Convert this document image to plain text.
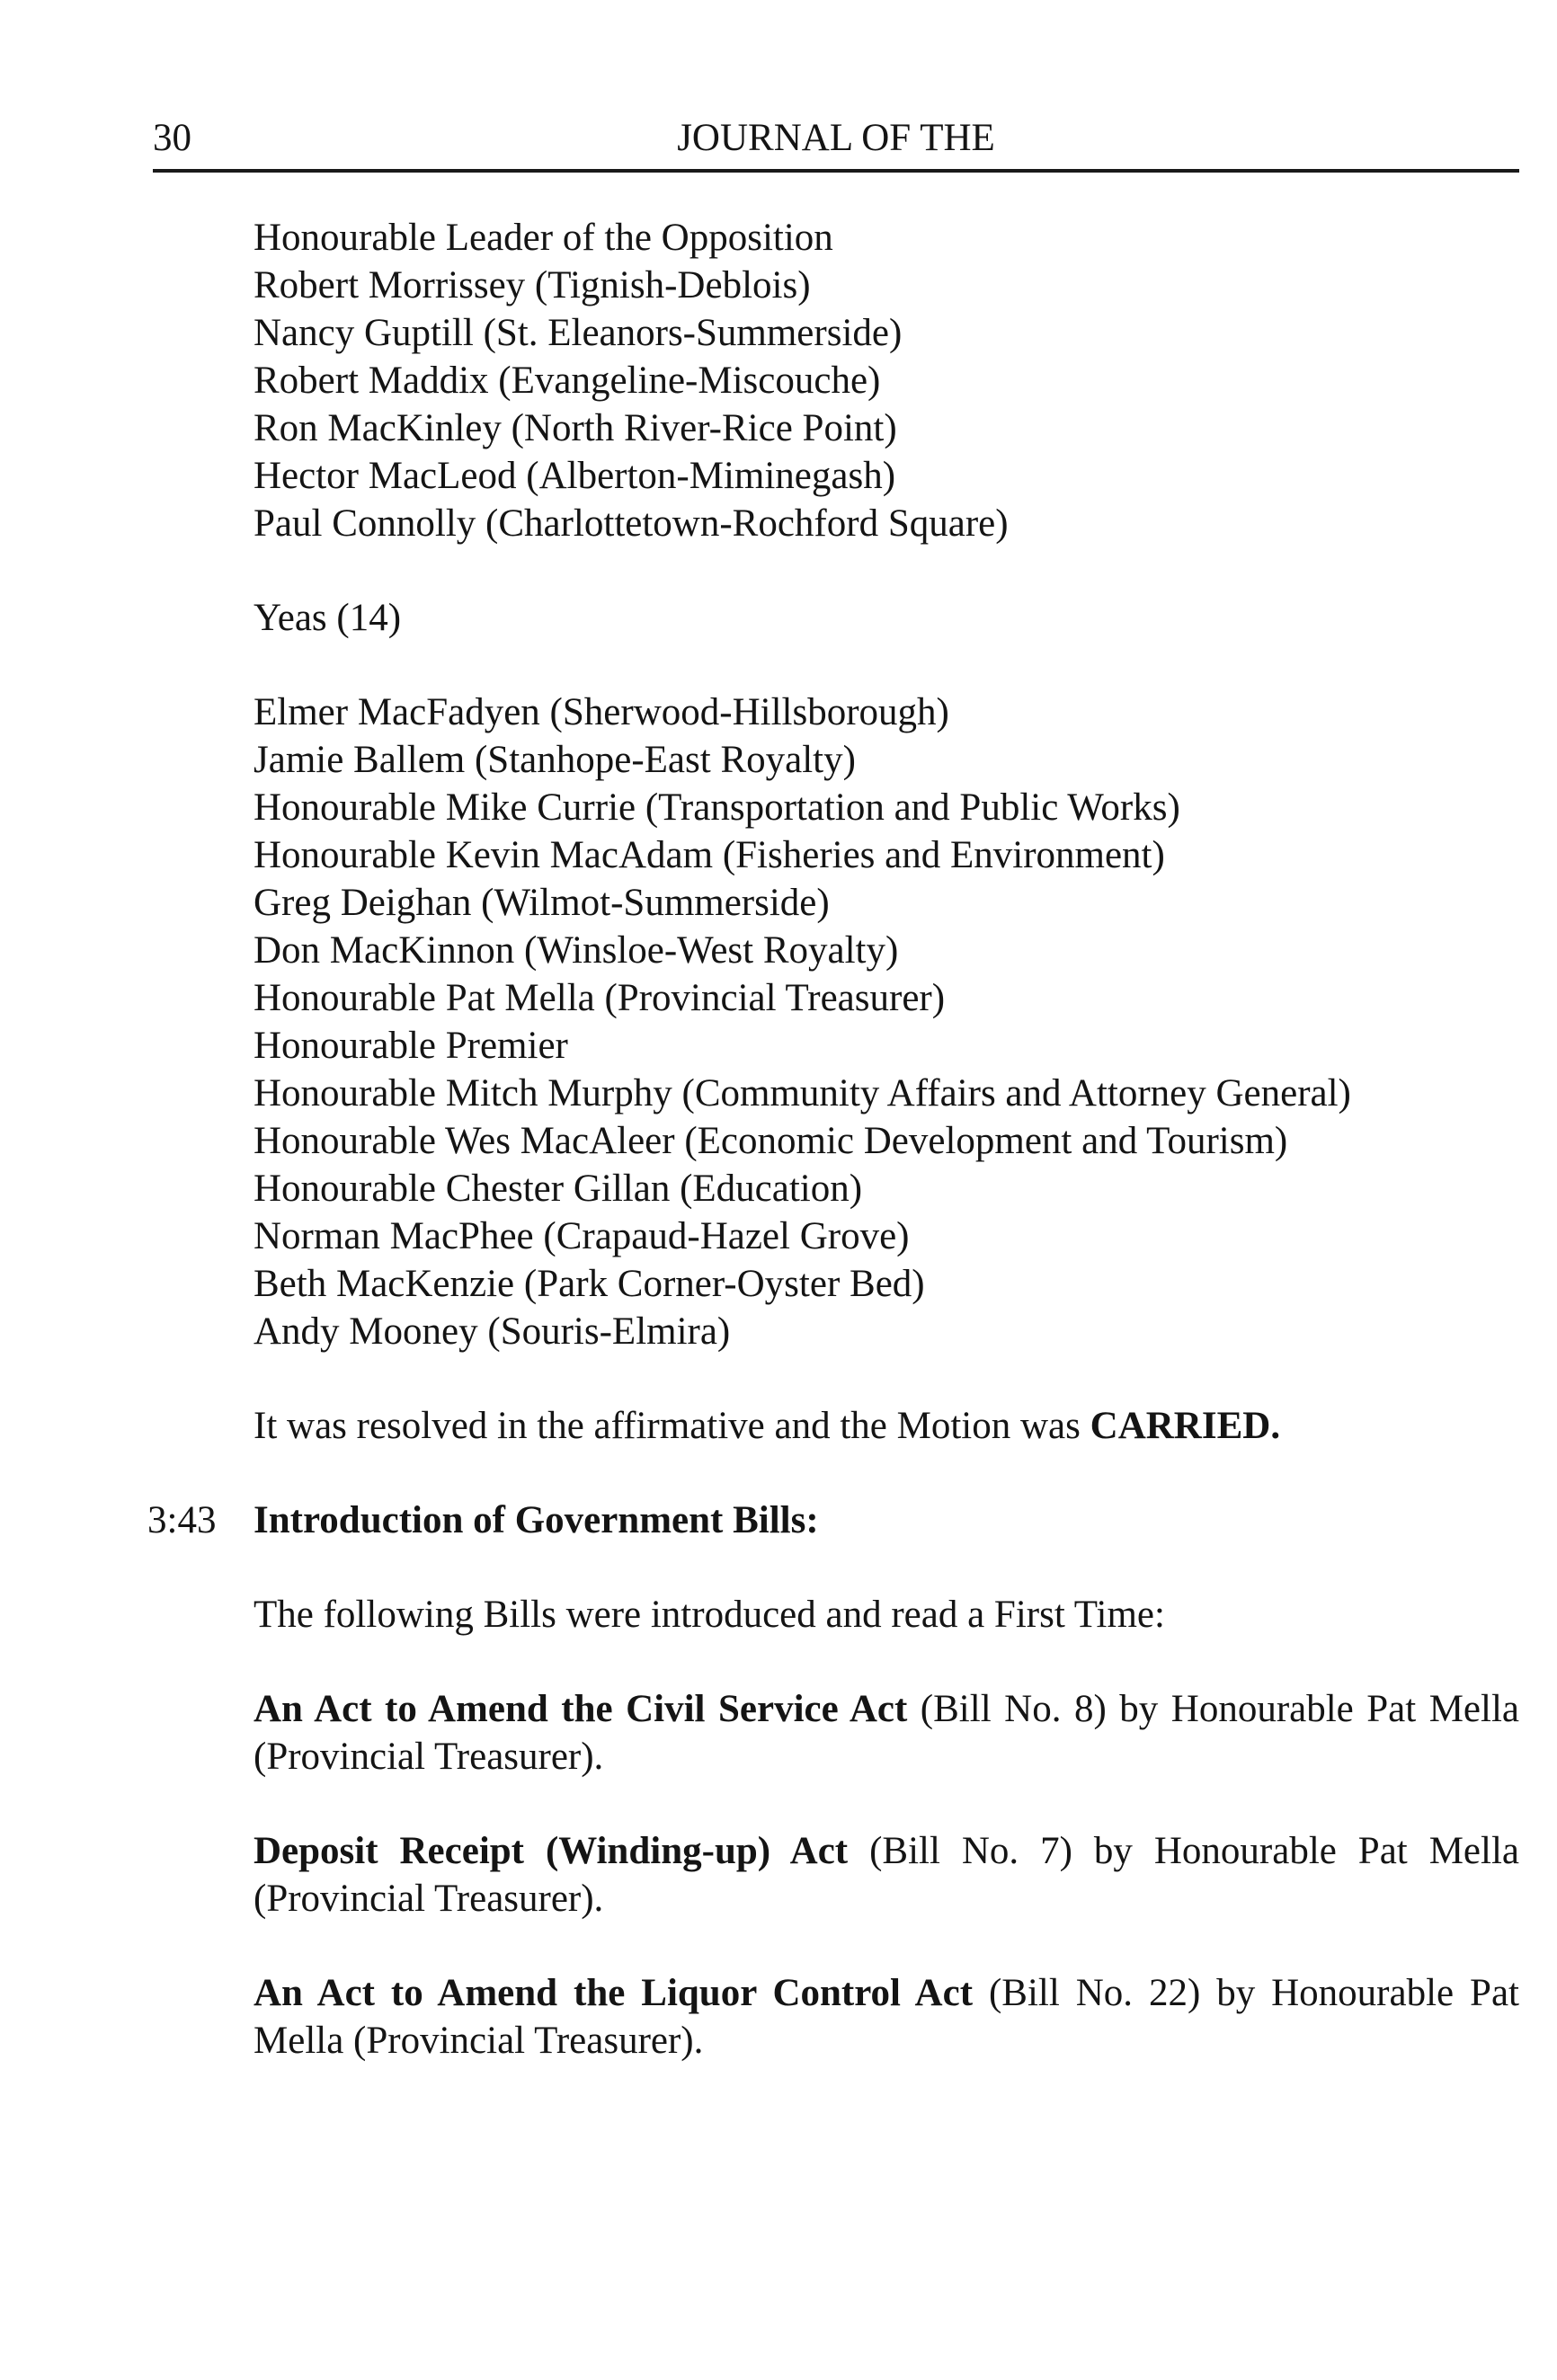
30	JOURNAL OF THE
Honourable Leader of the Opposition
Robert Morrissey (Tignish-Deblois)
Nancy Guptill (St. Eleanors-Summerside)
Robert Maddix (Evangeline-Miscouche)
Ron MacKinley (North River-Rice Point)
Hector MacLeod (Alberton-Miminegash)
Paul Connolly (Charlottetown-Rochford Square)
Yeas (14)
Elmer MacFadyen (Sherwood-Hillsborough)
Jamie Ballem (Stanhope-East Royalty)
Honourable Mike Currie (Transportation and Public Works)
Honourable Kevin MacAdam (Fisheries and Environment)
Greg Deighan (Wilmot-Summerside)
Don MacKinnon (Winsloe-West Royalty)
Honourable Pat Mella (Provincial Treasurer)
Honourable Premier
Honourable Mitch Murphy (Community Affairs and Attorney General)
Honourable Wes MacAleer (Economic Development and Tourism)
Honourable Chester Gillan (Education)
Norman MacPhee (Crapaud-Hazel Grove)
Beth MacKenzie (Park Corner-Oyster Bed)
Andy Mooney (Souris-Elmira)
It was resolved in the affirmative and the Motion was CARRIED.
3:43 Introduction of Government Bills:
The following Bills were introduced and read a First Time:
An Act to Amend the Civil Service Act (Bill No. 8) by Honourable Pat Mella
(Provincial Treasurer).
Deposit Receipt (Winding-up) Act (Bill No. 7) by Honourable Pat Mella
(Provincial Treasurer).
An Act to Amend the Liquor Control Act (Bill No. 22) by Honourable Pat
Mella (Provincial Treasurer).
